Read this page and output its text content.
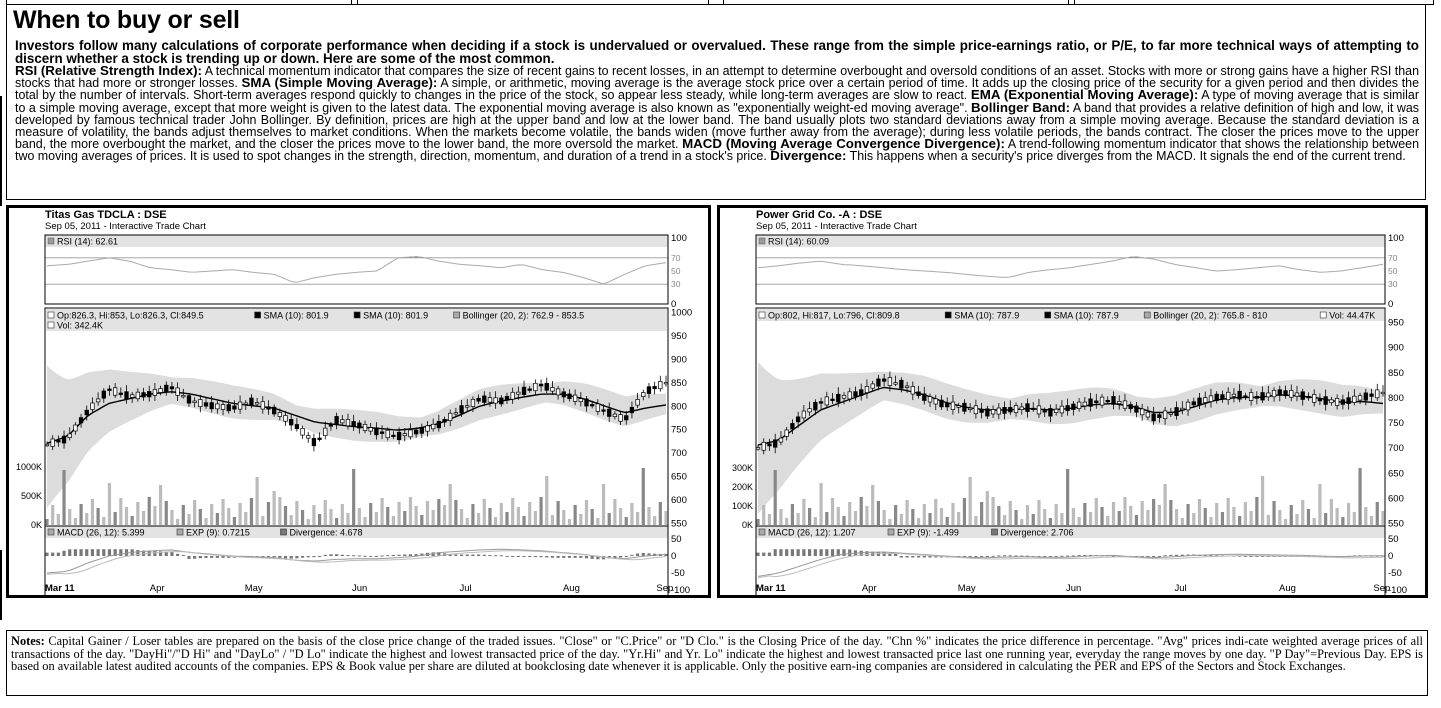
When to buy or sell
Investors follow many calculations of corporate performance when deciding if a stock is undervalued or overvalued. These range from the simple price-earnings ratio, or P/E, to far more technical ways of attempting to discern whether a stock is trending up or down. Here are some of the most common.
RSI (Relative Strength Index): A technical momentum indicator that compares the size of recent gains to recent losses, in an attempt to determine overbought and oversold conditions of an asset. Stocks with more or strong gains have a higher RSI than stocks that had more or stronger losses. SMA (Simple Moving Average): A simple, or arithmetic, moving average is the average stock price over a certain period of time. It adds up the closing price of the security for a given period and then divides the total by the number of intervals. Short-term averages respond quickly to changes in the price of the stock, so appear less steady, while long-term averages are slow to react. EMA (Exponential Moving Average): A type of moving average that is similar to a simple moving average, except that more weight is given to the latest data. The exponential moving average is also known as "exponentially weight-ed moving average". Bollinger Band: A band that provides a relative definition of high and low, it was developed by famous technical trader John Bollinger. By definition, prices are high at the upper band and low at the lower band. The band usually plots two standard deviations away from a simple moving average. Because the standard deviation is a measure of volatility, the bands adjust themselves to market conditions. When the markets become volatile, the bands widen (move further away from the average); during less volatile periods, the bands contract. The closer the prices move to the upper band, the more overbought the market, and the closer the prices move to the lower band, the more oversold the market. MACD (Moving Average Convergence Divergence): A trend-following momentum indicator that shows the relationship between two moving averages of prices. It is used to spot changes in the strength, direction, momentum, and duration of a trend in a stock's price. Divergence: This happens when a security's price diverges from the MACD. It signals the end of the current trend.
Titas Gas TDCLA : DSE
Sep 05, 2011 - Interactive Trade Chart
RSI (14): 62.61	100
70
50
30
0
Op:826.3, Hi:853, Lo:826.3, Cl:849.5	SMA (10): 801.9	SMA (10): 801.9	Bollinger (20, 2): 762.9 - 853.5
Vol: 342.4K
1000
950
900
850
800
750
700
650
600
550
1000K
500K
0K
MACD (26, 12): 5.399	EXP (9): 0.7215	Divergence: 4.678
50
0
-50
-100
Mar 11	Apr	May	Jun	Jul	Aug	Sep
Power Grid Co. -A : DSE
Sep 05, 2011 - Interactive Trade Chart
RSI (14): 60.09	100
70
50
30
0
Op:802, Hi:817, Lo:796, Cl:809.8	SMA (10): 787.9	SMA (10): 787.9	Bollinger (20, 2): 765.8 - 810	Vol: 44.47K
950
900
850
800
750
700
650
600
550
300K
200K
100K
0K
MACD (26, 12): 1.207	EXP (9): -1.499	Divergence: 2.706
50
0
-50
-100
Mar 11	Apr	May	Jun	Jul	Aug	Sep
Notes: Capital Gainer / Loser tables are prepared on the basis of the close price change of the traded issues. "Close" or "C.Price" or "D Clo." is the Closing Price of the day. "Chn %" indicates the price difference in percentage. "Avg" prices indi-cate weighted average prices of all transactions of the day. "DayHi"/"D Hi" and "DayLo" / "D Lo" indicate the highest and lowest transacted price of the day. "Yr.Hi" and Yr. Lo" indicate the highest and lowest transacted price last one running year, everyday the range moves by one day. "P Day"=Previous Day. EPS is based on available latest audited accounts of the companies. EPS & Book value per share are diluted at bookclosing date whenever it is applicable. Only the positive earn-ing companies are considered in calculating the PER and EPS of the Sectors and Stock Exchanges.
